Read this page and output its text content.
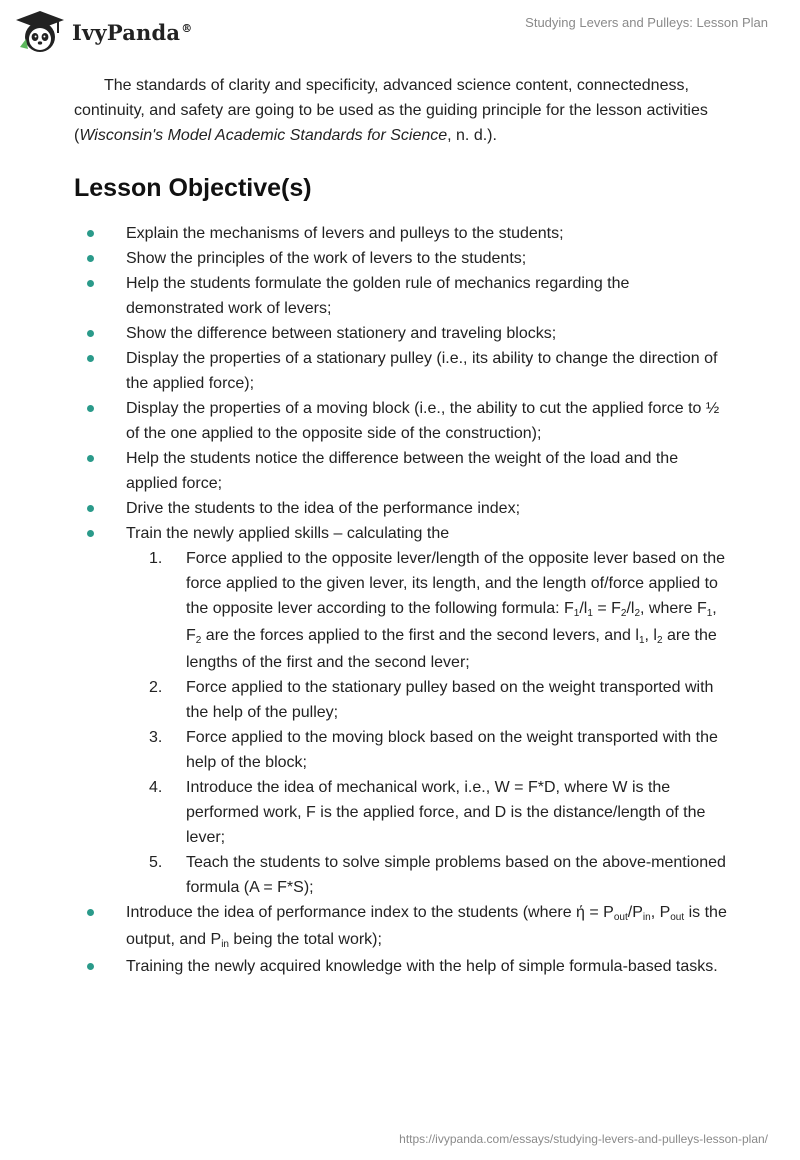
IvyPanda®	Studying Levers and Pulleys: Lesson Plan

The standards of clarity and specificity, advanced science content, connectedness, continuity, and safety are going to be used as the guiding principle for the lesson activities (Wisconsin's Model Academic Standards for Science, n. d.).

Lesson Objective(s)
Explain the mechanisms of levers and pulleys to the students;
Show the principles of the work of levers to the students;
Help the students formulate the golden rule of mechanics regarding the demonstrated work of levers;
Show the difference between stationery and traveling blocks;
Display the properties of a stationary pulley (i.e., its ability to change the direction of the applied force);
Display the properties of a moving block (i.e., the ability to cut the applied force to ½ of the one applied to the opposite side of the construction);
Help the students notice the difference between the weight of the load and the applied force;
Drive the students to the idea of the performance index;
Train the newly applied skills – calculating the
1. Force applied to the opposite lever/length of the opposite lever based on the force applied to the given lever, its length, and the length of/force applied to the opposite lever according to the following formula: F1/l1 = F2/l2, where F1, F2 are the forces applied to the first and the second levers, and l1, l2 are the lengths of the first and the second lever;
2. Force applied to the stationary pulley based on the weight transported with the help of the pulley;
3. Force applied to the moving block based on the weight transported with the help of the block;
4. Introduce the idea of mechanical work, i.e., W = F*D, where W is the performed work, F is the applied force, and D is the distance/length of the lever;
5. Teach the students to solve simple problems based on the above-mentioned formula (A = F*S);
Introduce the idea of performance index to the students (where ή = Pout/Pin, Pout is the output, and Pin being the total work);
Training the newly acquired knowledge with the help of simple formula-based tasks.
https://ivypanda.com/essays/studying-levers-and-pulleys-lesson-plan/
